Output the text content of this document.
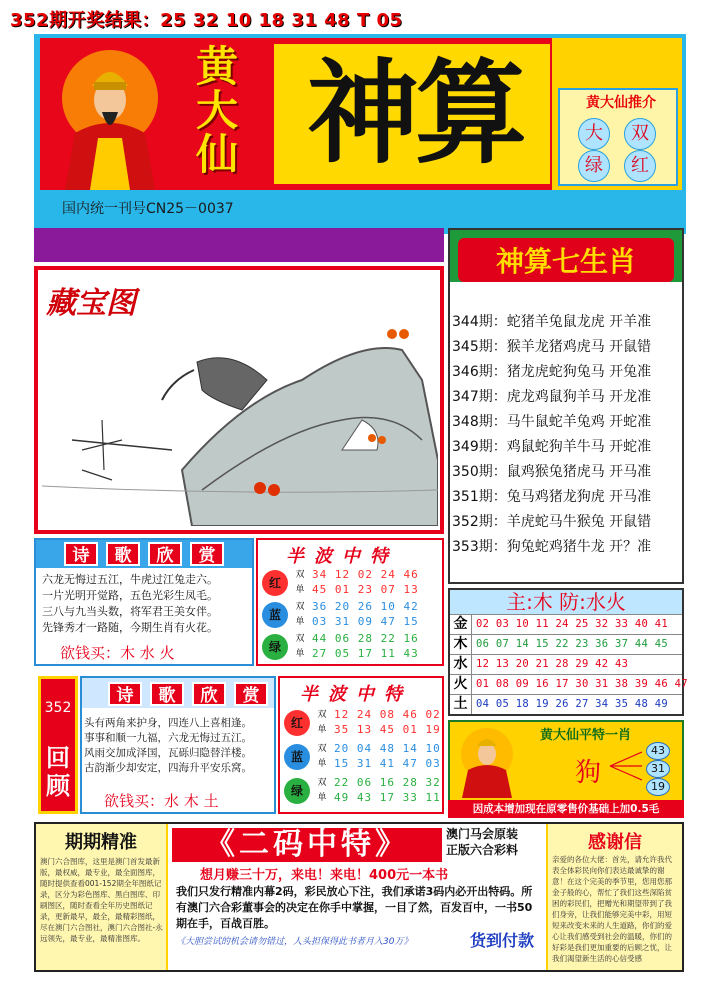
352期开奖结果：25 32 10 18 31 48 T 05
黄
大
仙 神算	黄大仙推介
大	双
绿	红
国内统一刊号CN25－0037
藏宝图
神算七生肖
344期：蛇猪羊兔鼠龙虎 开羊准
345期：猴羊龙猪鸡虎马 开鼠错
346期：猪龙虎蛇狗兔马 开兔准
347期：虎龙鸡鼠狗羊马 开龙准
348期：马牛鼠蛇羊兔鸡 开蛇准
349期：鸡鼠蛇狗羊牛马 开蛇准
350期：鼠鸡猴兔猪虎马 开马准
351期：兔马鸡猪龙狗虎 开马准
352期：羊虎蛇马牛猴兔 开鼠错
353期：狗兔蛇鸡猪牛龙 开？准
诗 歌 欣 赏
六龙无悔过五江，牛虎过江兔走六。
一片光明开觉路，五色光彩生凤毛。
三八与九当头数，将军君王美女伴。
先锋秀才一路随，今期生肖有火花。
欲钱买：木 水 火
半波中特
红
双 34 12 02 24 46
单 45 01 23 07 13
蓝
双 36 20 26 10 42
单 03 31 09 47 15
绿
双 44 06 28 22 16
单 27 05 17 11 43
主:木 防:水火
金 02 03 10 11 24 25 32 33 40 41
木 06 07 14 15 22 23 36 37 44 45
水 12 13 20 21 28 29 42 43
火 01 08 09 16 17 30 31 38 39 46 47
土 04 05 18 19 26 27 34 35 48 49
352
回
顾
诗 歌 欣 赏
头有两角来护身，四连八上喜相逢。
事事和顺一九福，六龙无悔过五江。
风雨交加成泽国，瓦砾归隐替洋楼。
古韵渐少却安定，四海升平安乐窝。
欲钱买：水 木 土
半波中特
红
双 12 24 08 46 02
单 35 13 45 01 19
蓝
双 20 04 48 14 10
单 15 31 41 47 03
绿
双 22 06 16 28 32
单 49 43 17 33 11
黄大仙平特一肖
狗
43
31
19
因成本增加现在原零售价基础上加0.5毛
期期精准
澳门六合图库，这里是澳门首发最新版，最权威，最专业，最全面图库，随时提供查看001-152期全年图纸记录，区分为彩色图库、黑白图库、印刷图区，随时查看全年历史图纸记录，更新最早，最全，最精彩图纸，尽在澳门六合图社，澳门六合图社-永远领先，最专业，最精准图库。
《二码中特》	澳门马会原装
正版六合彩料
想月赚三十万，来电！来电！400元一本书
我们只发行精准内幕2码，彩民放心下注，我们承诺3码内必开出特码。所有澳门六合彩董事会的决定在你手中掌握，一目了然，百发百中，一书50期在手，百战百胜。
《大胆尝试的机会请勿错过，人头担保得此书者月入30万》	货到付款
感谢信
亲爱的各位大佬：首先，请允许我代表全体彩民向你们表达最诚挚的谢意！在这个完美的季节里，您用您那金子般的心，帮忙了我们这些深陷贫困的彩民们，把赠光和期望带到了我们身旁，让我们能够完美中彩，用短短来改变未来的人生道路，你们的爱心让我们感受到社会的温暖，你们的好彩是我们更加重要的后顾之忧，让我们渴望新生活的心信受感
